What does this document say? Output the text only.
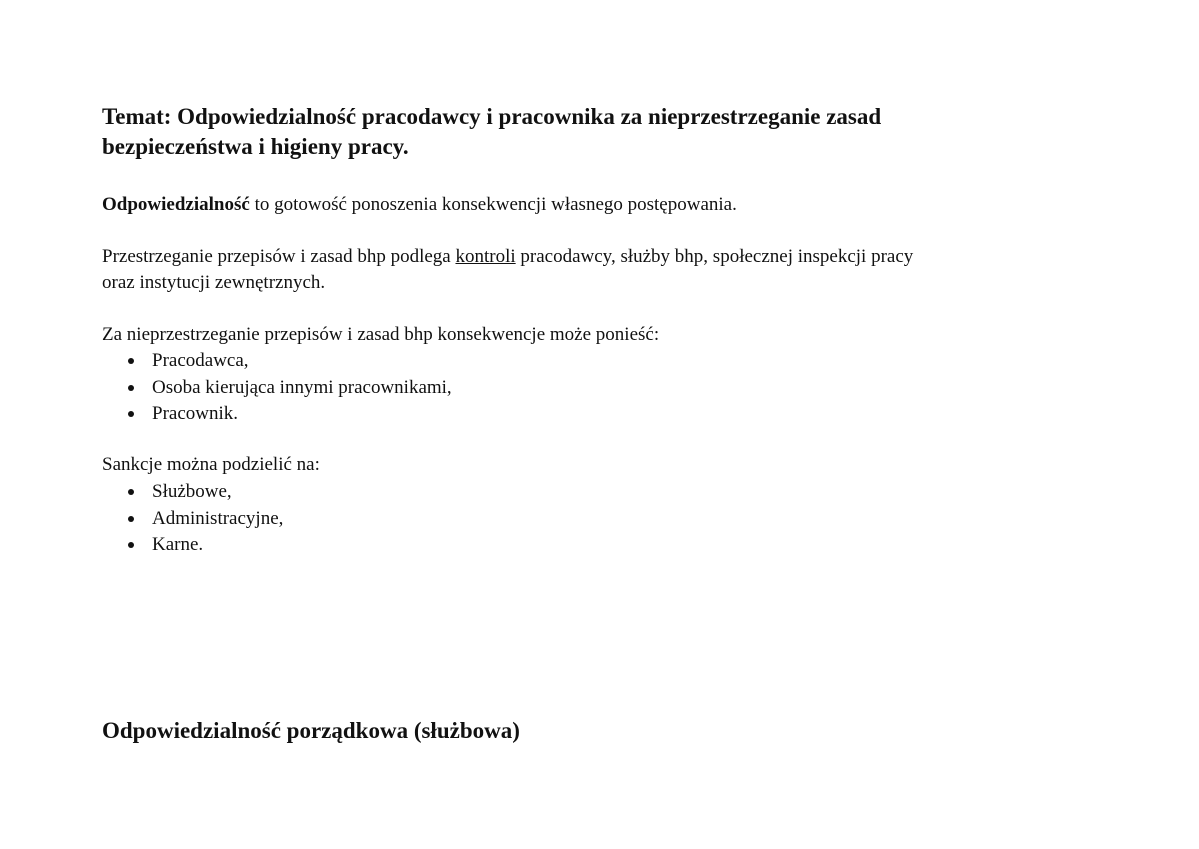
Temat: Odpowiedzialność pracodawcy i pracownika za nieprzestrzeganie zasad
bezpieczeństwa i higieny pracy.

Odpowiedzialność to gotowość ponoszenia konsekwencji własnego postępowania.

Przestrzeganie przepisów i zasad bhp podlega kontroli pracodawcy, służby bhp, społecznej inspekcji pracy
oraz instytucji zewnętrznych.

Za nieprzestrzeganie przepisów i zasad bhp konsekwencje może ponieść:

Pracodawca,
Osoba kierująca innymi pracownikami,
Pracownik.

Sankcje można podzielić na:

Służbowe,
Administracyjne,
Karne.
Odpowiedzialność porządkowa (służbowa)
